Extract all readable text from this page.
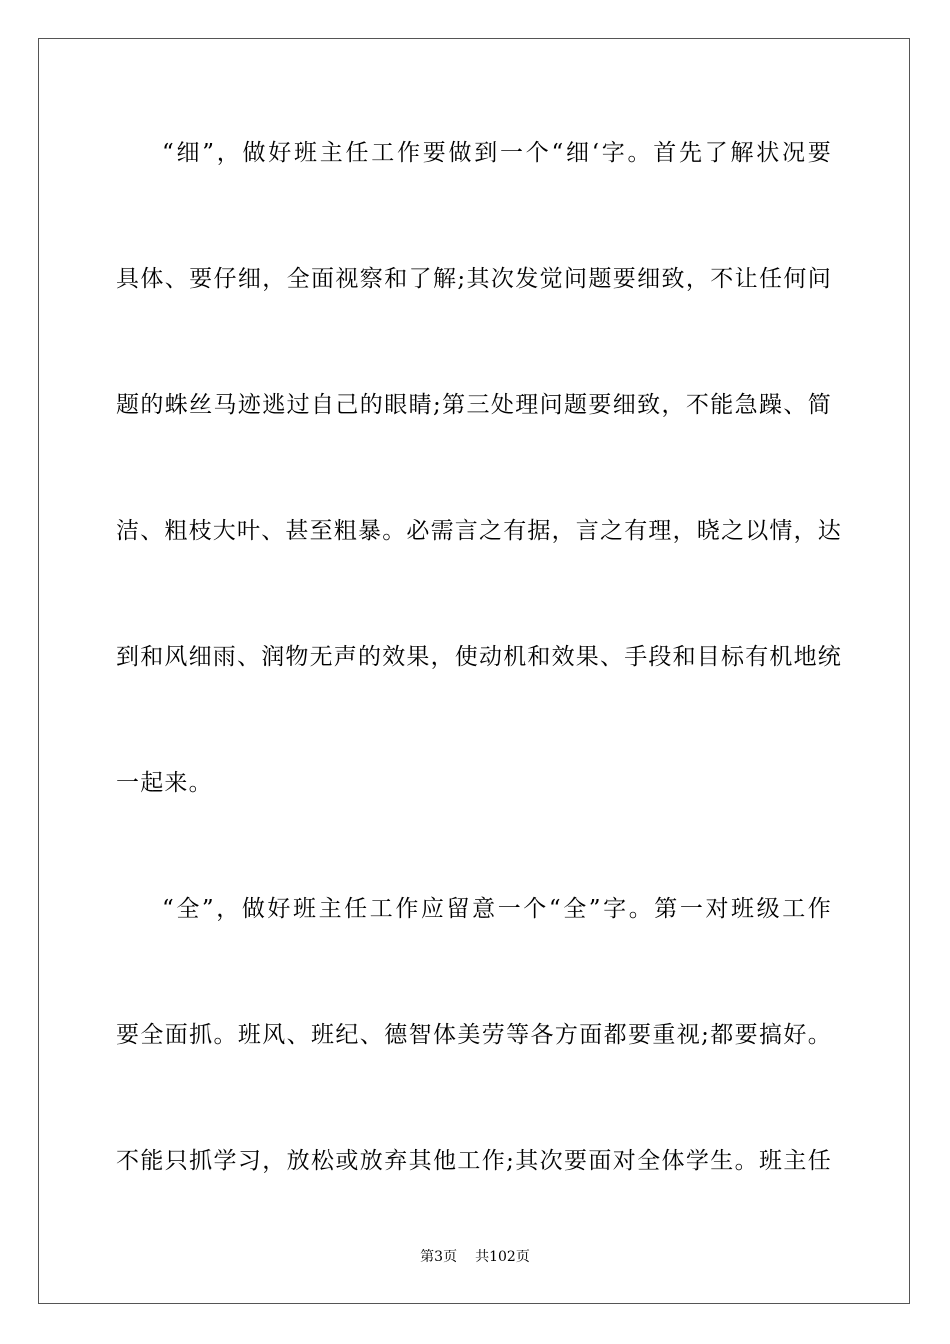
“细”，做好班主任工作要做到一个“细‘字。首先了解状况要
具体、要仔细，全面视察和了解;其次发觉问题要细致，不让任何问
题的蛛丝马迹逃过自己的眼睛;第三处理问题要细致，不能急躁、简
洁、粗枝大叶、甚至粗暴。必需言之有据，言之有理，晓之以情，达
到和风细雨、润物无声的效果，使动机和效果、手段和目标有机地统
一起来。
“全”，做好班主任工作应留意一个“全”字。第一对班级工作
要全面抓。班风、班纪、德智体美劳等各方面都要重视;都要搞好。
不能只抓学习，放松或放弃其他工作;其次要面对全体学生。班主任
第3页 共102页
